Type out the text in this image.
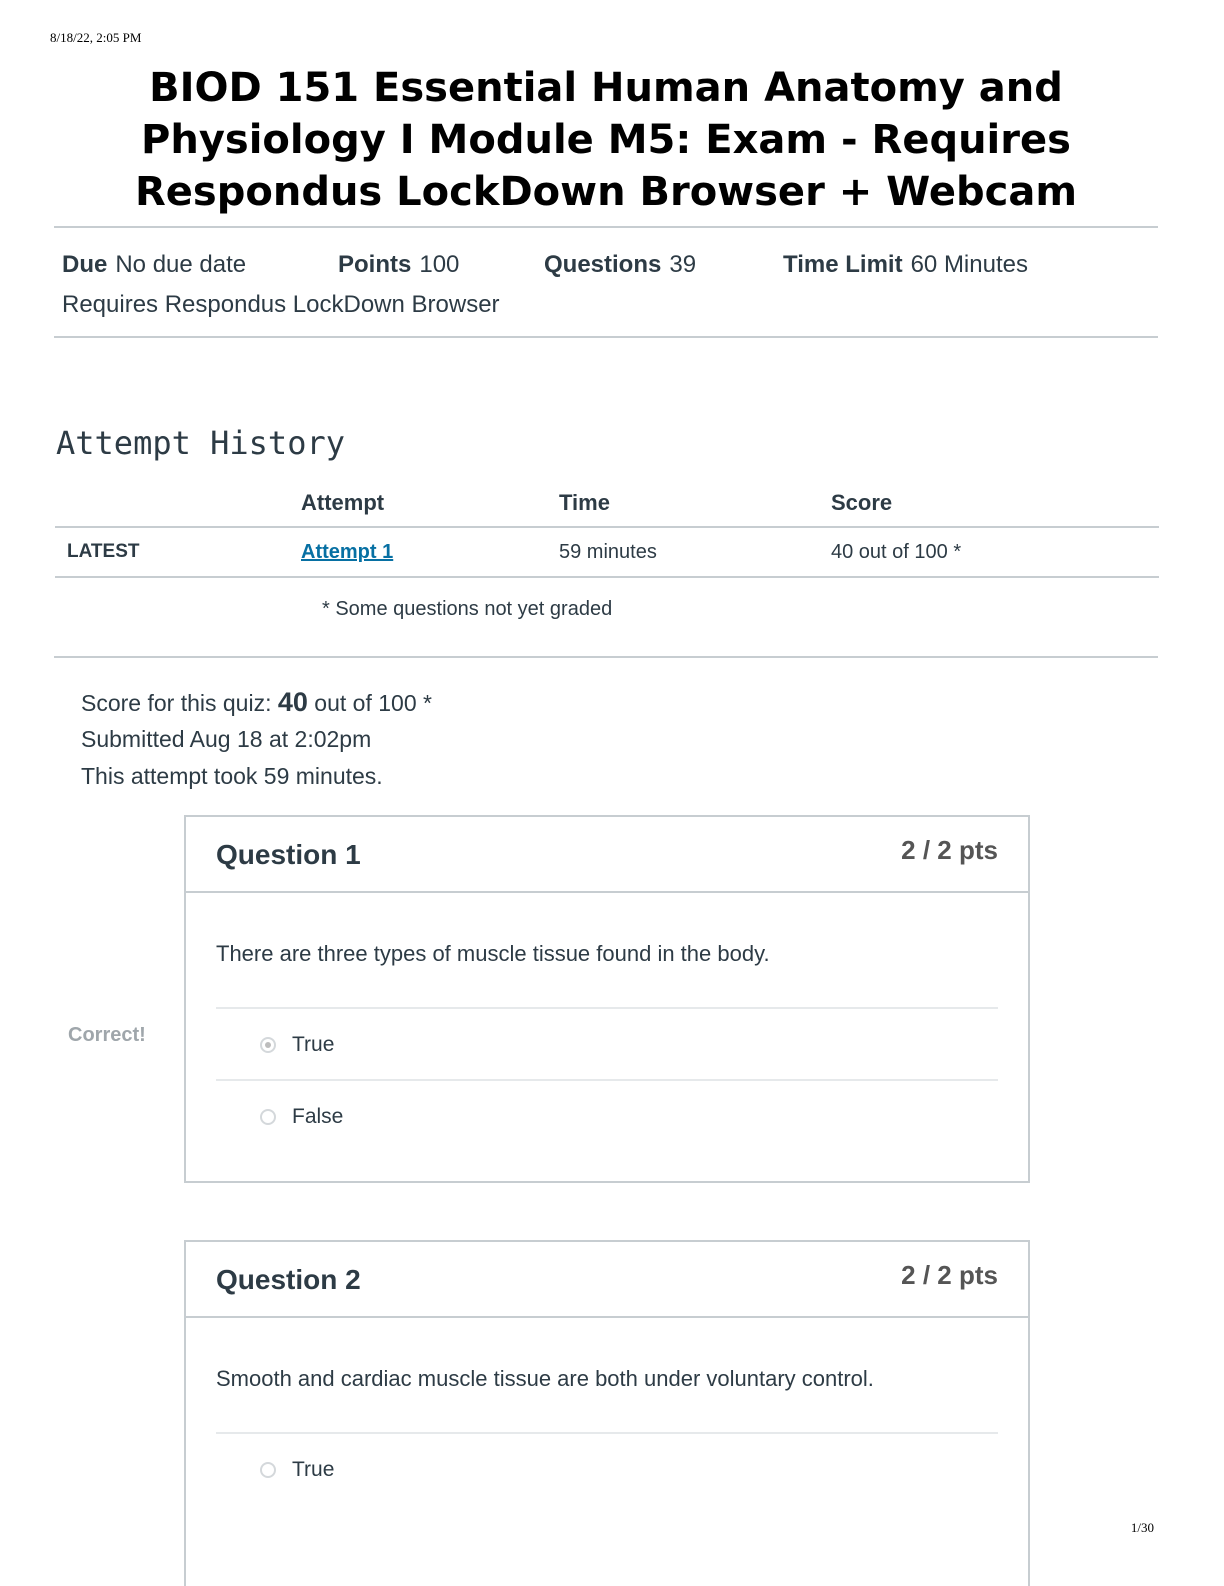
8/18/22, 2:05 PM
BIOD 151 Essential Human Anatomy and Physiology I Module M5: Exam - Requires Respondus LockDown Browser + Webcam
Due No due date	Points 100	Questions 39	Time Limit 60 Minutes
Requires Respondus LockDown Browser
Attempt History
	Attempt	Time	Score
LATEST	Attempt 1	59 minutes	40 out of 100 *
* Some questions not yet graded
Score for this quiz: 40 out of 100 *
Submitted Aug 18 at 2:02pm
This attempt took 59 minutes.
Correct!
Question 1	2 / 2 pts
There are three types of muscle tissue found in the body.
True
False
Question 2	2 / 2 pts
Smooth and cardiac muscle tissue are both under voluntary control.
True
1/30
